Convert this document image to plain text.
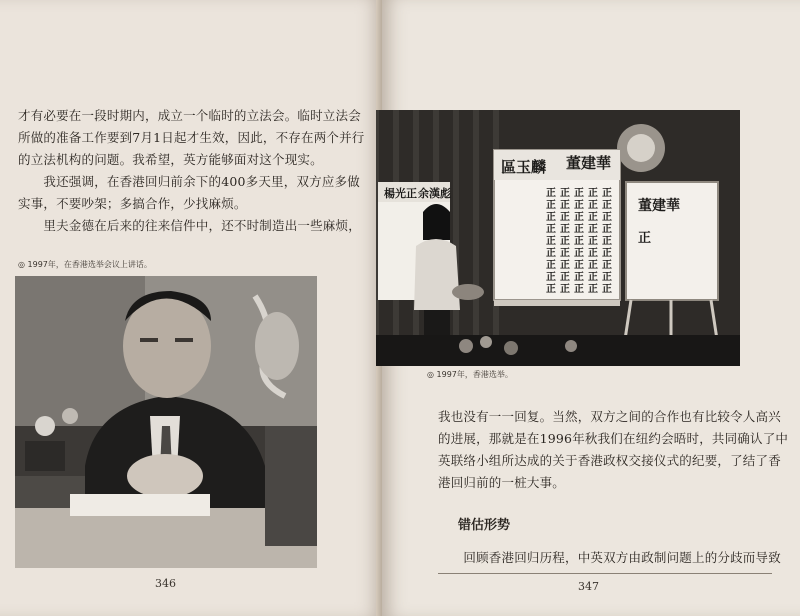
才有必要在一段时期内，成立一个临时的立法会。临时立法会
所做的准备工作要到7月1日起才生效，因此，不存在两个并行
的立法机构的问题。我希望，英方能够面对这个现实。
　　我还强调，在香港回归前余下的400多天里，双方应多做
实事，不要吵架；多搞合作，少找麻烦。
　　里夫金德在后来的往来信件中，还不时制造出一些麻烦，
◎ 1997年，在香港选举会议上讲话。
346
楊光正 余漢彪
區玉麟 董建華
正 正 正 正 正
正 正 正 正 正
正 正 正 正 正
正 正 正 正 正
正 正 正 正 正
正 正 正 正 正
正 正 正 正 正
正 正 正 正 正
正 正 正 正 正
董建華
正
◎ 1997年，香港选举。
我也没有一一回复。当然，双方之间的合作也有比较令人高兴
的进展，那就是在1996年秋我们在纽约会晤时，共同确认了中
英联络小组所达成的关于香港政权交接仪式的纪要，了结了香
港回归前的一桩大事。
错估形势
　　回顾香港回归历程，中英双方由政制问题上的分歧而导致
347
